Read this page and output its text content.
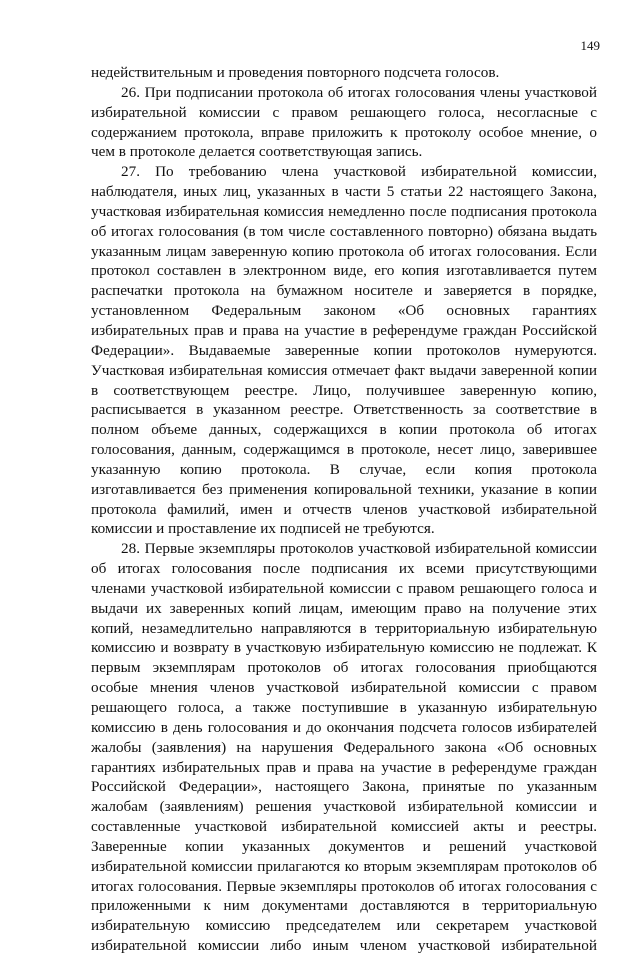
149
недействительным и проведения повторного подсчета голосов.
26. При подписании протокола об итогах голосования члены участковой
избирательной комиссии с правом решающего голоса, несогласные с
содержанием протокола, вправе приложить к протоколу особое мнение, о
чем в протоколе делается соответствующая запись.
27. По требованию члена участковой избирательной комиссии,
наблюдателя, иных лиц, указанных в части 5 статьи 22 настоящего Закона,
участковая избирательная комиссия немедленно после подписания протокола
об итогах голосования (в том числе составленного повторно) обязана выдать
указанным лицам заверенную копию протокола об итогах голосования. Если
протокол составлен в электронном виде, его копия изготавливается путем
распечатки протокола на бумажном носителе и заверяется в порядке,
установленном Федеральным законом «Об основных гарантиях
избирательных прав и права на участие в референдуме граждан Российской
Федерации». Выдаваемые заверенные копии протоколов нумеруются.
Участковая избирательная комиссия отмечает факт выдачи заверенной копии
в соответствующем реестре. Лицо, получившее заверенную копию,
расписывается в указанном реестре. Ответственность за соответствие в
полном объеме данных, содержащихся в копии протокола об итогах
голосования, данным, содержащимся в протоколе, несет лицо, заверившее
указанную копию протокола. В случае, если копия протокола
изготавливается без применения копировальной техники, указание в копии
протокола фамилий, имен и отчеств членов участковой избирательной
комиссии и проставление их подписей не требуются.
28. Первые экземпляры протоколов участковой избирательной комиссии
об итогах голосования после подписания их всеми присутствующими
членами участковой избирательной комиссии с правом решающего голоса и
выдачи их заверенных копий лицам, имеющим право на получение этих
копий, незамедлительно направляются в территориальную избирательную
комиссию и возврату в участковую избирательную комиссию не подлежат. К
первым экземплярам протоколов об итогах голосования приобщаются
особые мнения членов участковой избирательной комиссии с правом
решающего голоса, а также поступившие в указанную избирательную
комиссию в день голосования и до окончания подсчета голосов избирателей
жалобы (заявления) на нарушения Федерального закона «Об основных
гарантиях избирательных прав и права на участие в референдуме граждан
Российской Федерации», настоящего Закона, принятые по указанным
жалобам (заявлениям) решения участковой избирательной комиссии и
составленные участковой избирательной комиссией акты и реестры.
Заверенные копии указанных документов и решений участковой
избирательной комиссии прилагаются ко вторым экземплярам протоколов об
итогах голосования. Первые экземпляры протоколов об итогах голосования с
приложенными к ним документами доставляются в территориальную
избирательную комиссию председателем или секретарем участковой
избирательной комиссии либо иным членом участковой избирательной
